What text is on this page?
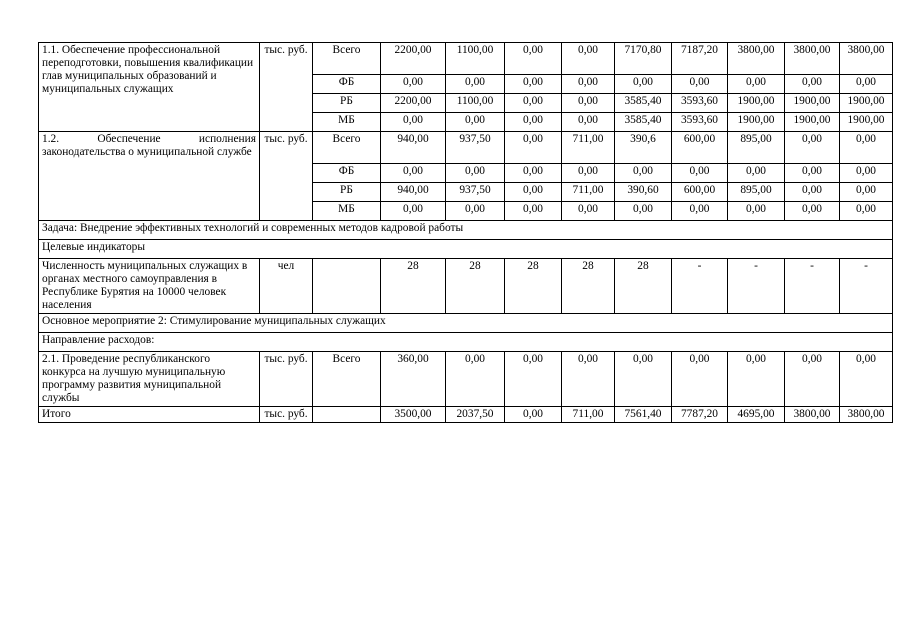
1.1. Обеспечение профессиональной переподготовки, повышения квалификации глав муниципальных образований и муниципальных служащих	тыс. руб.	Всего	2200,00	1100,00	0,00	0,00	7170,80	7187,20	3800,00	3800,00	3800,00
		ФБ	0,00	0,00	0,00	0,00	0,00	0,00	0,00	0,00	0,00
		РБ	2200,00	1100,00	0,00	0,00	3585,40	3593,60	1900,00	1900,00	1900,00
		МБ	0,00	0,00	0,00	0,00	3585,40	3593,60	1900,00	1900,00	1900,00
1.2. Обеспечение исполнения законодательства о муниципальной службе	тыс. руб.	Всего	940,00	937,50	0,00	711,00	390,6	600,00	895,00	0,00	0,00
		ФБ	0,00	0,00	0,00	0,00	0,00	0,00	0,00	0,00	0,00
		РБ	940,00	937,50	0,00	711,00	390,60	600,00	895,00	0,00	0,00
		МБ	0,00	0,00	0,00	0,00	0,00	0,00	0,00	0,00	0,00
Задача: Внедрение эффективных технологий и современных методов кадровой работы											
Целевые индикаторы											
Численность муниципальных служащих в органах местного самоуправления в Республике Бурятия на 10000 человек населения	чел		28	28	28	28	28	-	-	-	-
Основное мероприятие 2: Стимулирование муниципальных служащих											
Направление расходов:											
2.1. Проведение республиканского конкурса на лучшую муниципальную программу развития муниципальной службы	тыс. руб.	Всего	360,00	0,00	0,00	0,00	0,00	0,00	0,00	0,00	0,00
Итого	тыс. руб.		3500,00	2037,50	0,00	711,00	7561,40	7787,20	4695,00	3800,00	3800,00
